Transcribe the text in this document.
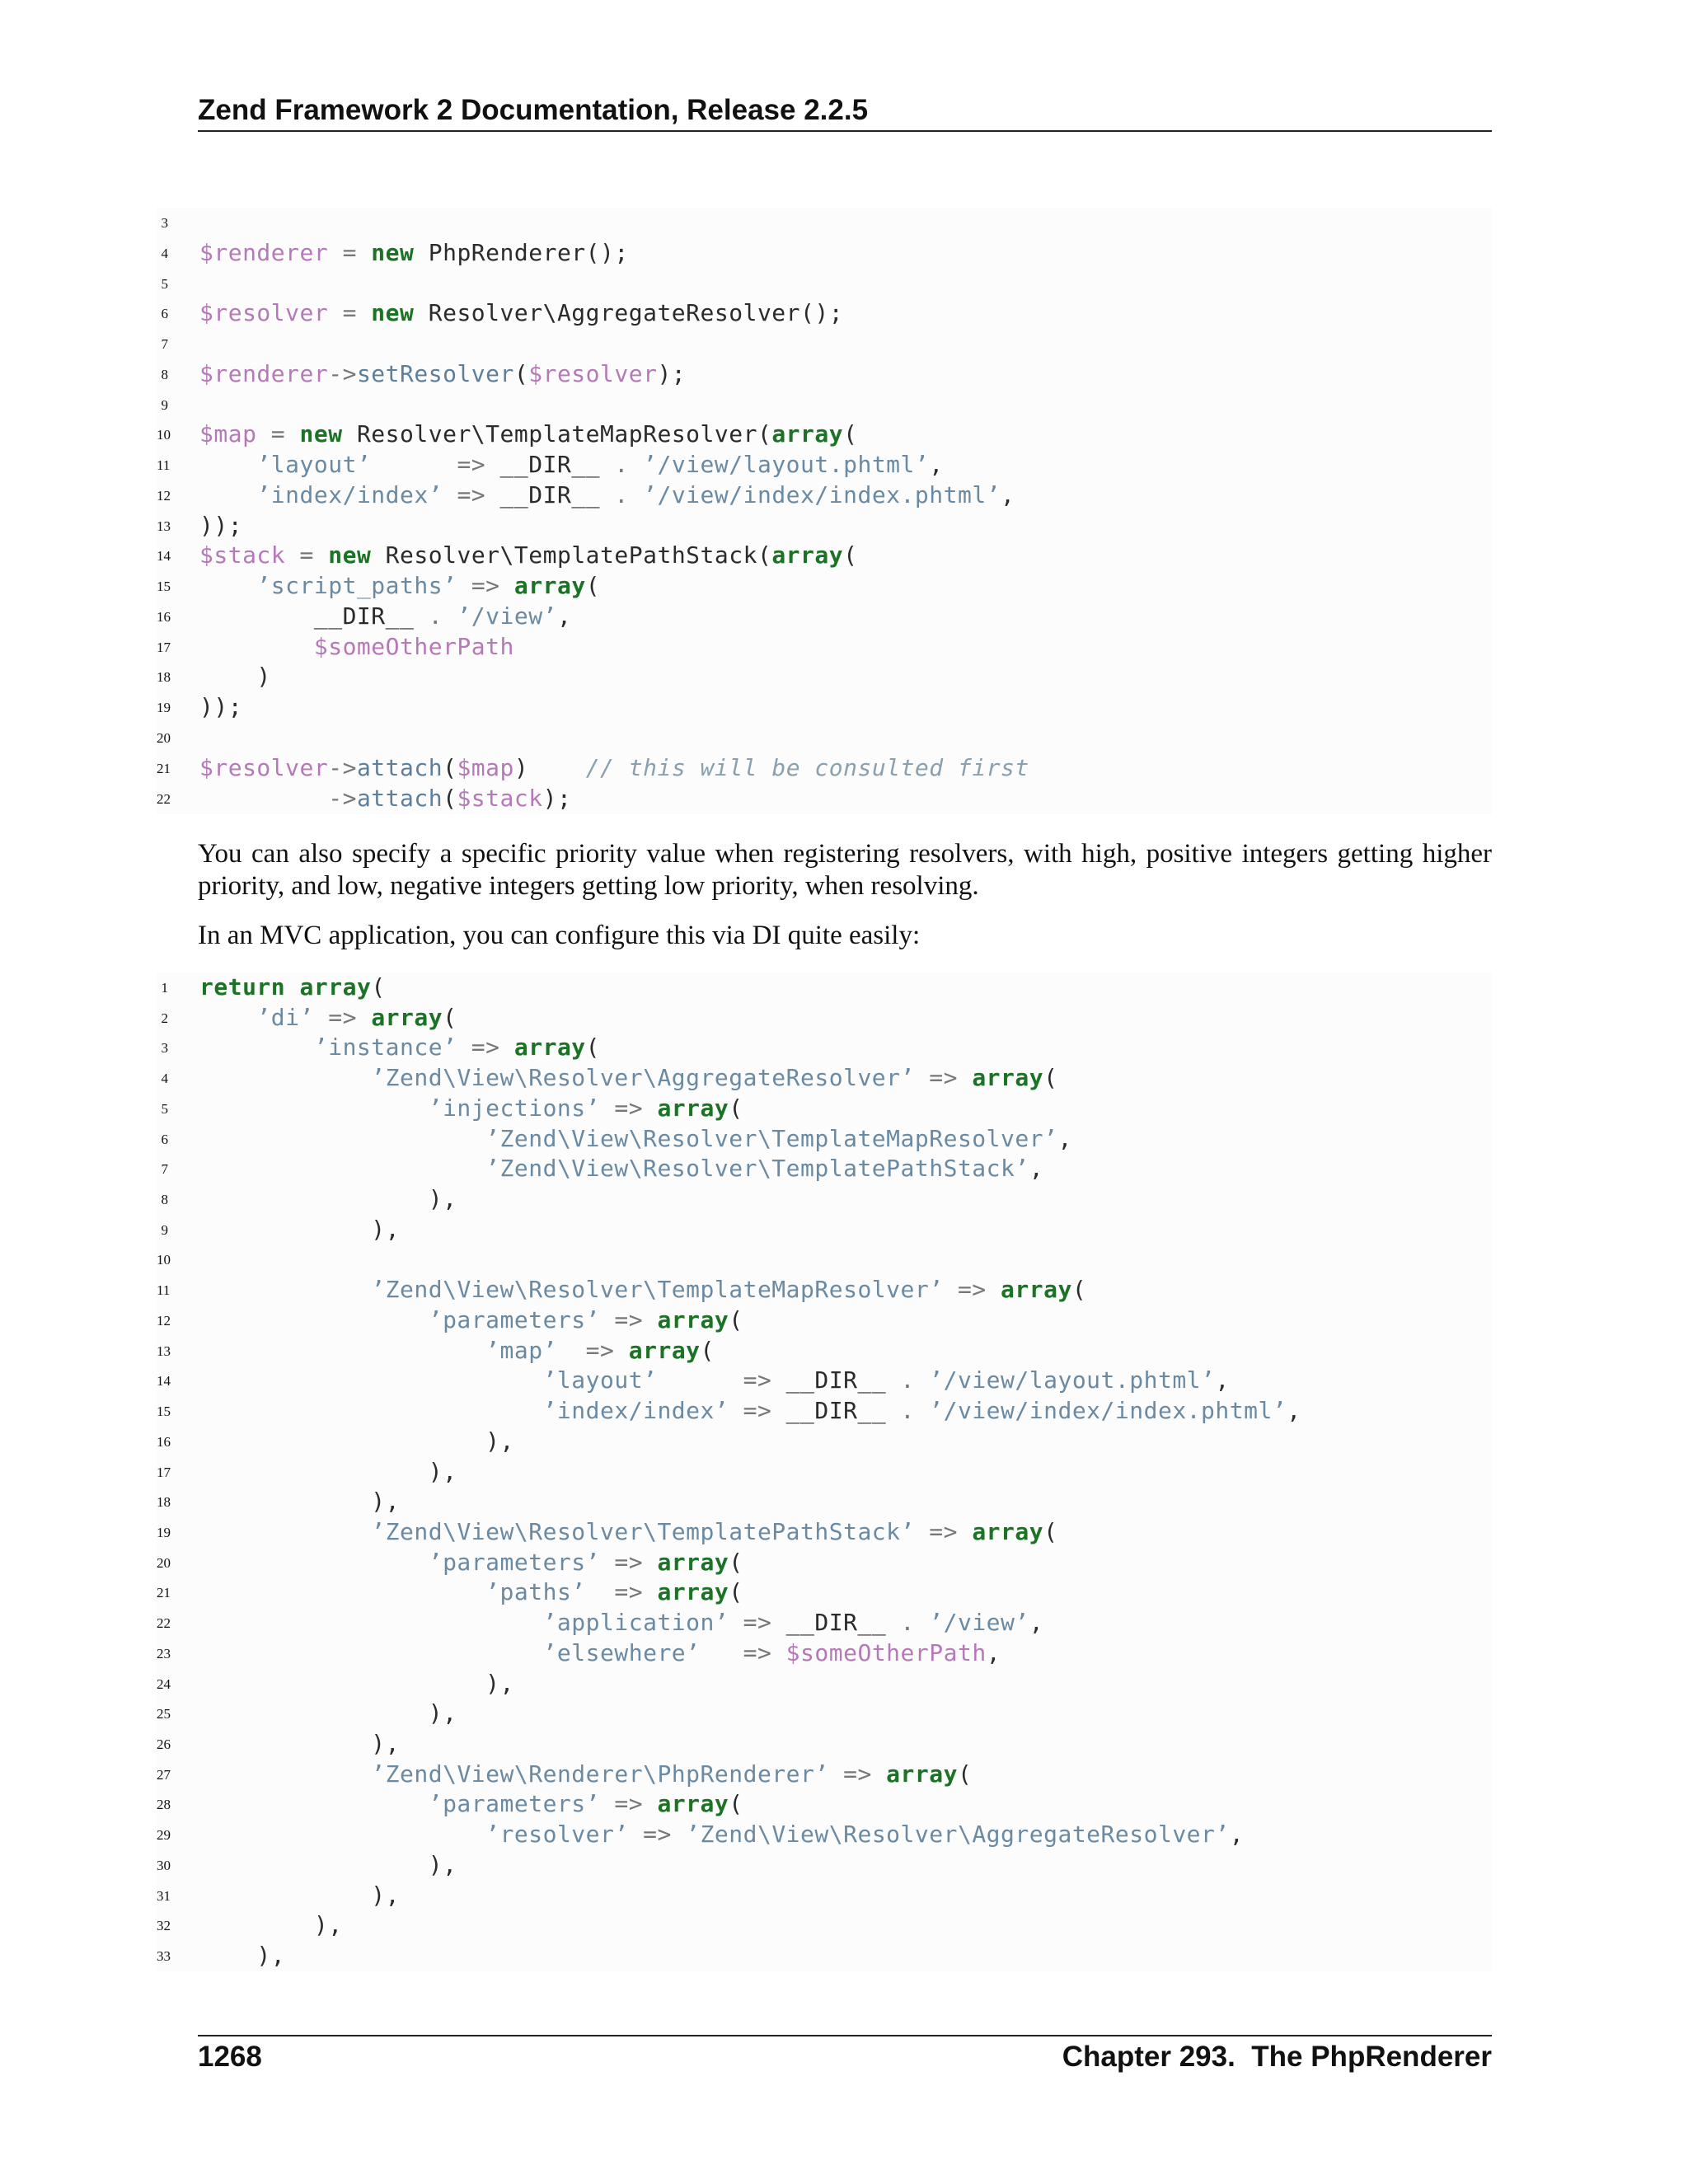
Zend Framework 2 Documentation, Release 2.2.5
3
4 $renderer = new PhpRenderer();
5
6 $resolver = new Resolver\AggregateResolver();
7
8 $renderer->setResolver($resolver);
9
10 $map = new Resolver\TemplateMapResolver(array(
11	’layout’	=> __DIR__ . ’/view/layout.phtml’,
12	’index/index’ => __DIR__ . ’/view/index/index.phtml’,
13 ));
14 $stack = new Resolver\TemplatePathStack(array(
15	’script_paths’ => array(
16 __DIR__ . ’/view’,
17	$someOtherPath
18 )
19 ));
20
21 $resolver->attach($map)    // this will be consulted first
22	->attach($stack);
You can also specify a specific priority value when registering resolvers, with high, positive integers getting higher priority, and low, negative integers getting low priority, when resolving.
In an MVC application, you can configure this via DI quite easily:
1 return array(
2	’di’ => array(
3	’instance’ => array(
4	’Zend\View\Resolver\AggregateResolver’ => array(
5	’injections’ => array(
6	’Zend\View\Resolver\TemplateMapResolver’,
7	’Zend\View\Resolver\TemplatePathStack’,
8 ),
9 ),
10
11	’Zend\View\Resolver\TemplateMapResolver’ => array(
12	’parameters’ => array(
13	’map’ => array(
14	’layout’	=> __DIR__ . ’/view/layout.phtml’,
15	’index/index’ => __DIR__ . ’/view/index/index.phtml’,
16 ),
17 ),
18 ),
19	’Zend\View\Resolver\TemplatePathStack’ => array(
20	’parameters’ => array(
21	’paths’ => array(
22	’application’ => __DIR__ . ’/view’,
23	’elsewhere’ => $someOtherPath,
24 ),
25 ),
26 ),
27	’Zend\View\Renderer\PhpRenderer’ => array(
28	’parameters’ => array(
29	’resolver’ => ’Zend\View\Resolver\AggregateResolver’,
30 ),
31 ),
32 ),
33 ),
1268	Chapter 293.  The PhpRenderer
